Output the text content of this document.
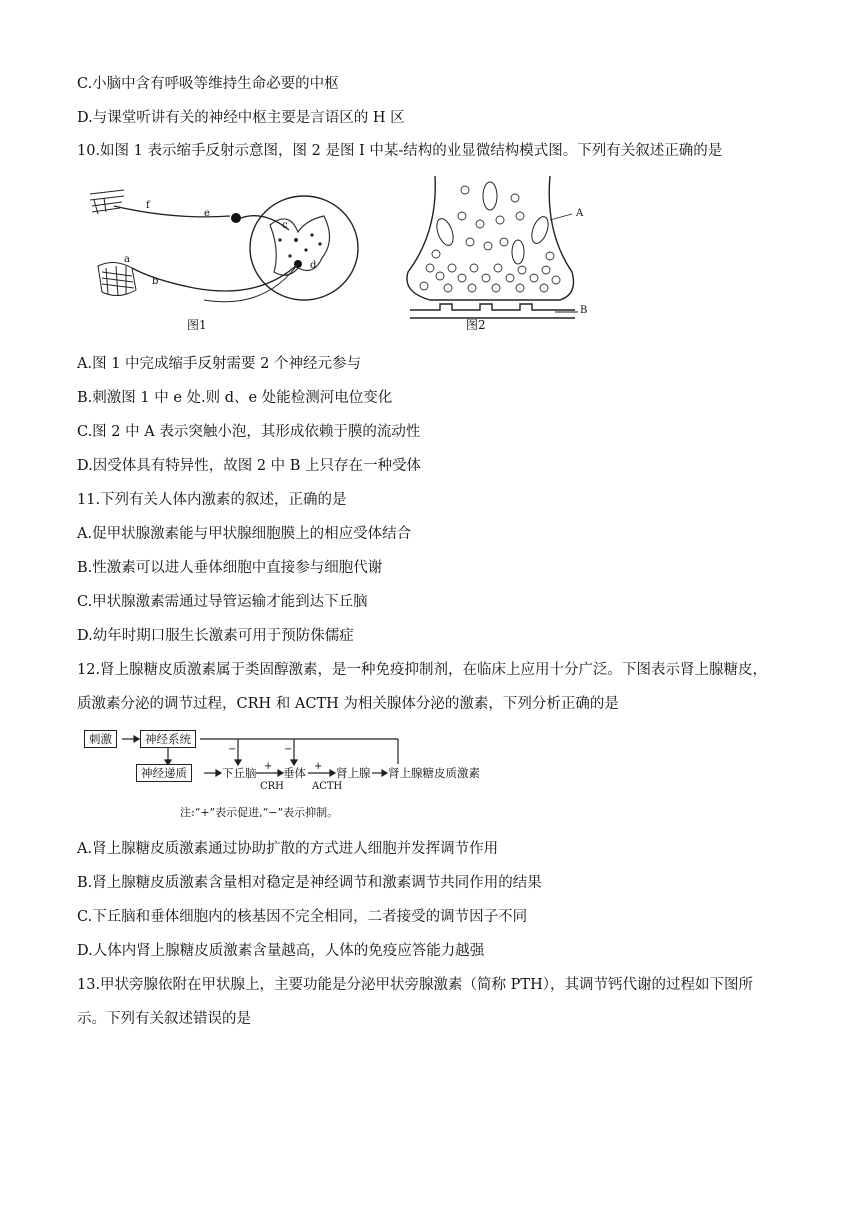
C.小脑中含有呼吸等维持生命必要的中枢
D.与课堂听讲有关的神经中枢主要是言语区的 H 区
10.如图 1 表示缩手反射示意图，图 2 是图 I 中某-结构的业显微结构模式图。下列有关叙述正确的是
f
e
b
a
c
d
图1
A
B
图2
A.图 1 中完成缩手反射需要 2 个神经元参与
B.刺激图 1 中 e 处.则 d、e 处能检测河电位变化
C.图 2 中 A 表示突触小泡，其形成依赖于膜的流动性
D.因受体具有特异性，故图 2 中 B 上只存在一种受体
11.下列有关人体内激素的叙述，正确的是
A.促甲状腺激素能与甲状腺细胞膜上的相应受体结合
B.性激素可以进人垂体细胞中直接参与细胞代谢
C.甲状腺激素需通过导管运输才能到达下丘脑
D.幼年时期口服生长激素可用于预防侏儒症
12.肾上腺糖皮质激素属于类固醇激素，是一种免疫抑制剂，在临床上应用十分广泛。下图表示肾上腺糖皮，
质激素分泌的调节过程，CRH 和 ACTH 为相关腺体分泌的激素，下列分析正确的是
刺激	神经系统
神经递质	下丘脑 垂体	肾上腺 肾上腺糖皮质激素
CRH	ACTH
+	+
−	−
注:“+”表示促进,“−”表示抑制。
A.肾上腺糖皮质激素通过协助扩散的方式进人细胞并发挥调节作用
B.肾上腺糖皮质激素含量相对稳定是神经调节和激素调节共同作用的结果
C.下丘脑和垂体细胞内的核基因不完全相同，二者接受的调节因子不同
D.人体内肾上腺糖皮质激素含量越高，人体的免疫应答能力越强
13.甲状旁腺依附在甲状腺上，主要功能是分泌甲状旁腺激素（简称 PTH），其调节钙代谢的过程如下图所
示。下列有关叙述错误的是
